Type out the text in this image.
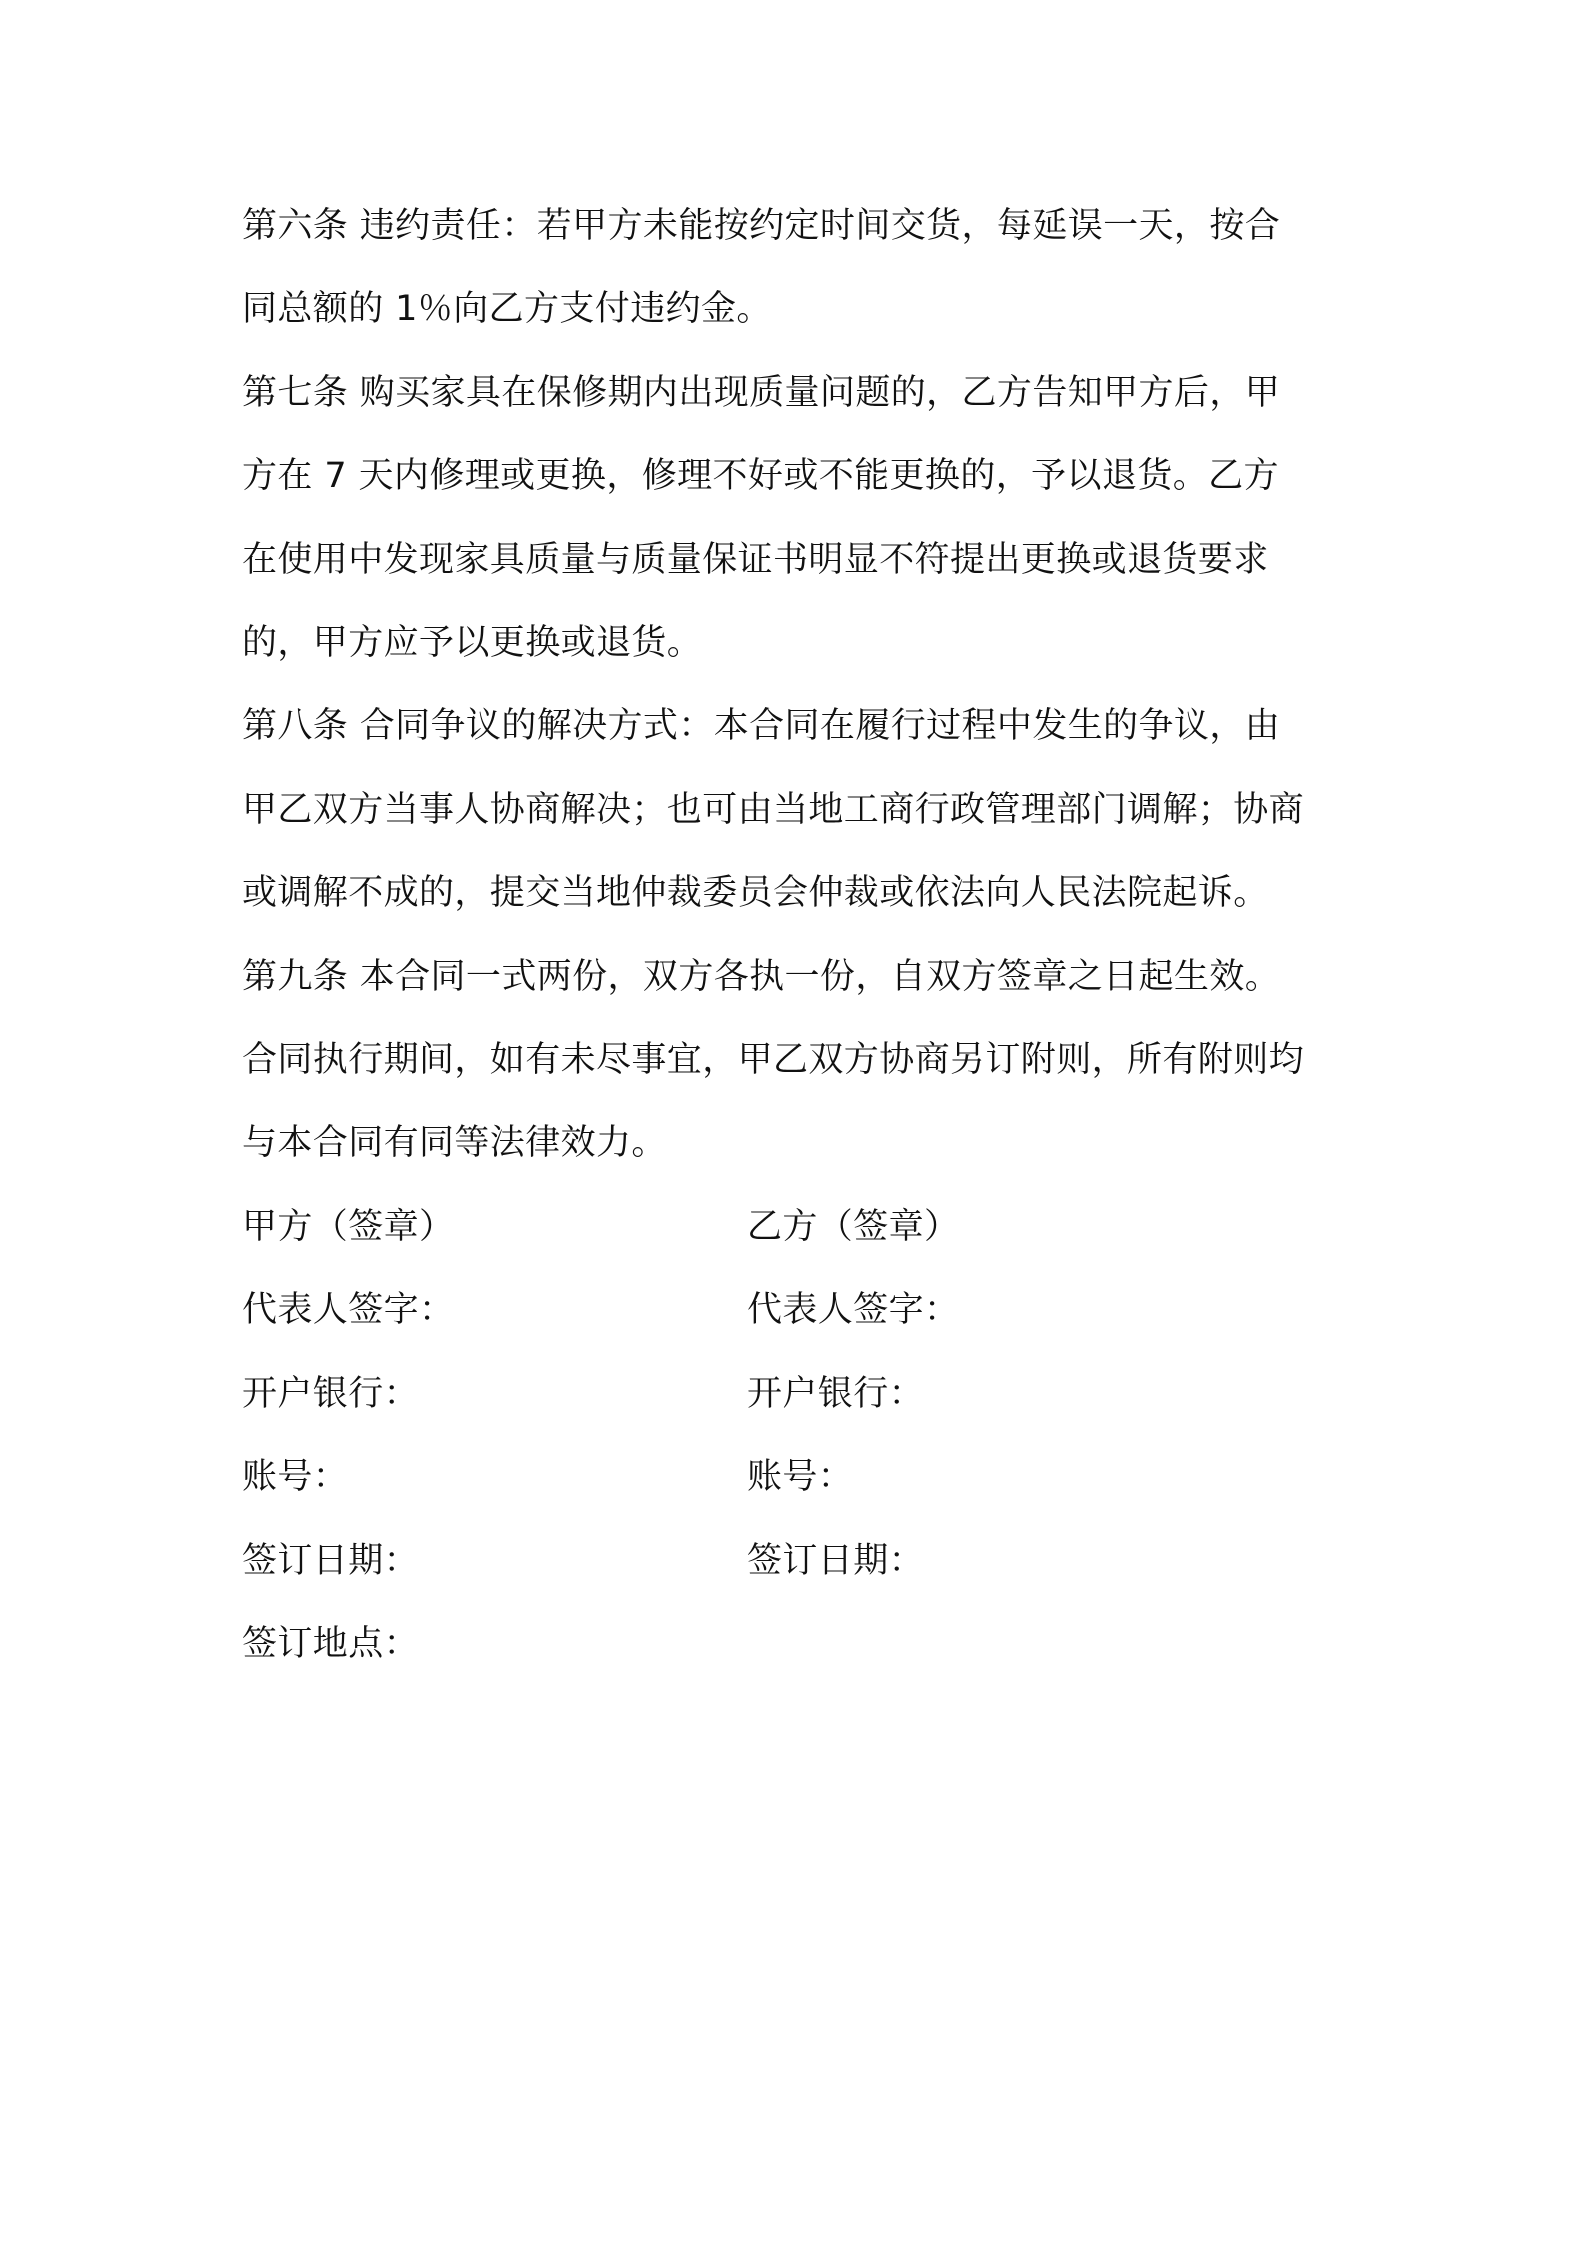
第六条 违约责任：若甲方未能按约定时间交货，每延误一天，按合

同总额的 1％向乙方支付违约金。

第七条 购买家具在保修期内出现质量问题的，乙方告知甲方后，甲

方在 7 天内修理或更换，修理不好或不能更换的，予以退货。乙方

在使用中发现家具质量与质量保证书明显不符提出更换或退货要求

的，甲方应予以更换或退货。

第八条 合同争议的解决方式：本合同在履行过程中发生的争议，由

甲乙双方当事人协商解决；也可由当地工商行政管理部门调解；协商

或调解不成的，提交当地仲裁委员会仲裁或依法向人民法院起诉。

第九条 本合同一式两份，双方各执一份，自双方签章之日起生效。

合同执行期间，如有未尽事宜，甲乙双方协商另订附则，所有附则均

与本合同有同等法律效力。

甲方（签章）	乙方（签章）
代表人签字：	代表人签字：
开户银行：	开户银行：
账号：	账号：
签订日期：	签订日期：
签订地点：
